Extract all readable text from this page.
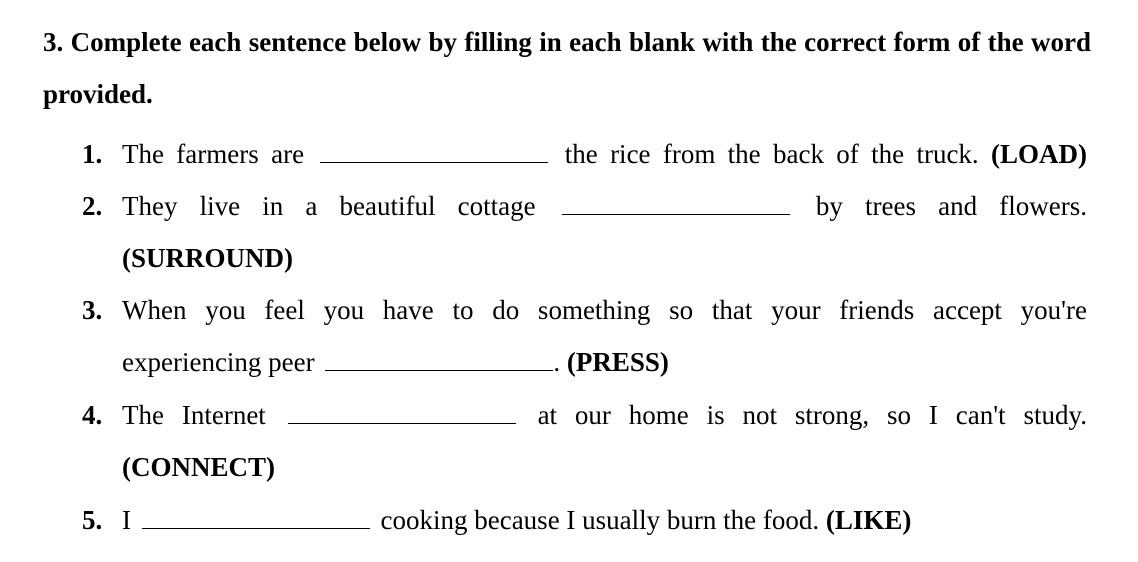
3. Complete each sentence below by filling in each blank with the correct form of the word provided.
1. The farmers are	the rice from the back of the truck. (LOAD)
2. They live in a beautiful cottage	by trees and flowers.
(SURROUND)
3. When you feel you have to do something so that your friends accept you're
experiencing peer	. (PRESS)
4. The Internet	at our home is not strong, so I can't study.
(CONNECT)
5. I	cooking because I usually burn the food. (LIKE)
